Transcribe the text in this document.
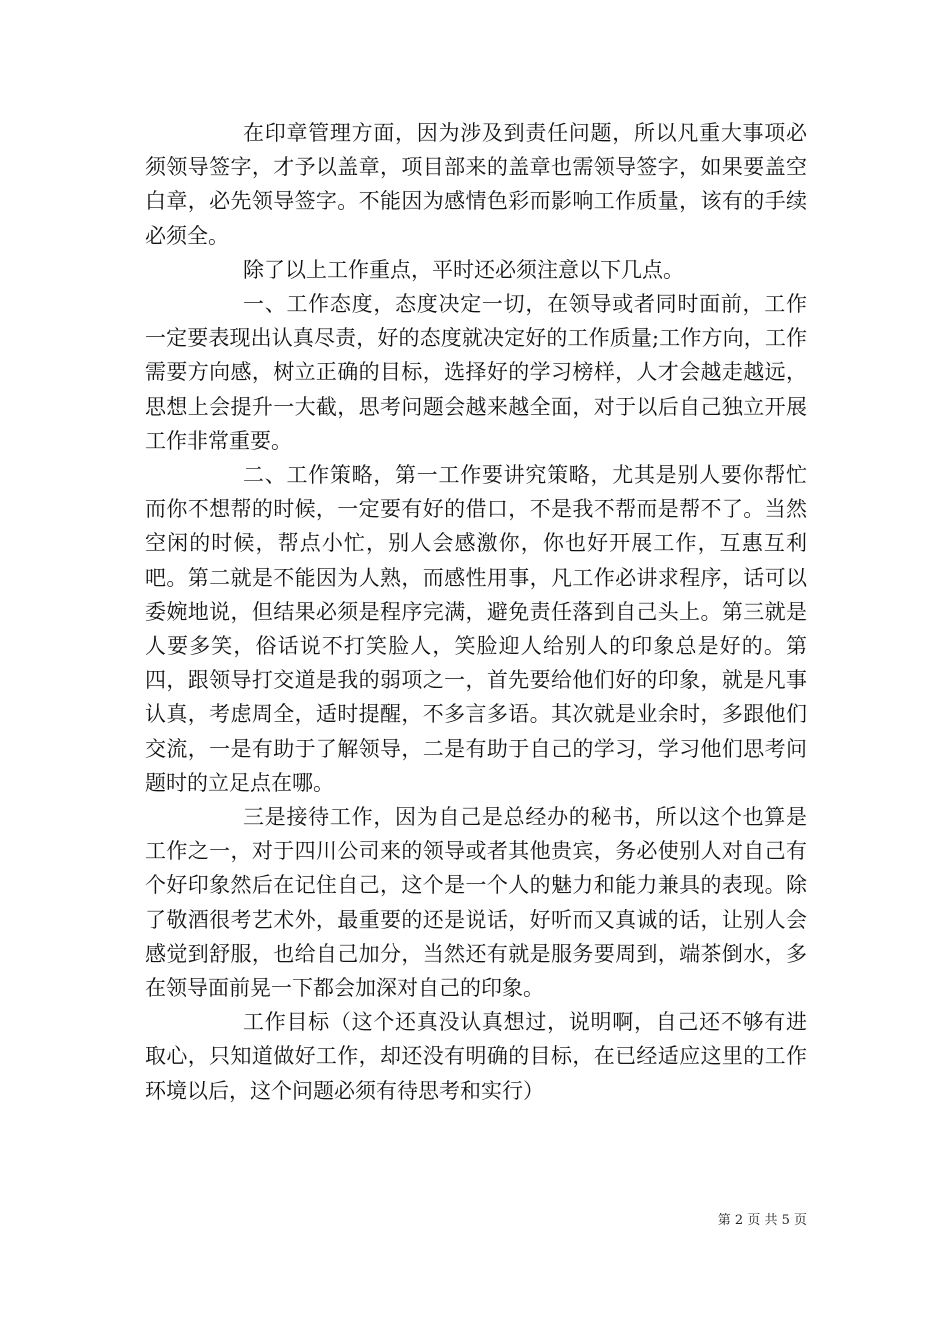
在印章管理方面，因为涉及到责任问题，所以凡重大事项必须领导签字，才予以盖章，项目部来的盖章也需领导签字，如果要盖空白章，必先领导签字。不能因为感情色彩而影响工作质量，该有的手续必须全。

除了以上工作重点，平时还必须注意以下几点。

一、工作态度，态度决定一切，在领导或者同时面前，工作一定要表现出认真尽责，好的态度就决定好的工作质量;工作方向，工作需要方向感，树立正确的目标，选择好的学习榜样，人才会越走越远，思想上会提升一大截，思考问题会越来越全面，对于以后自己独立开展工作非常重要。

二、工作策略，第一工作要讲究策略，尤其是别人要你帮忙而你不想帮的时候，一定要有好的借口，不是我不帮而是帮不了。当然空闲的时候，帮点小忙，别人会感激你，你也好开展工作，互惠互利吧。第二就是不能因为人熟，而感性用事，凡工作必讲求程序，话可以委婉地说，但结果必须是程序完满，避免责任落到自己头上。第三就是人要多笑，俗话说不打笑脸人，笑脸迎人给别人的印象总是好的。第四，跟领导打交道是我的弱项之一，首先要给他们好的印象，就是凡事认真，考虑周全，适时提醒，不多言多语。其次就是业余时，多跟他们交流，一是有助于了解领导，二是有助于自己的学习，学习他们思考问题时的立足点在哪。

三是接待工作，因为自己是总经办的秘书，所以这个也算是工作之一，对于四川公司来的领导或者其他贵宾，务必使别人对自己有个好印象然后在记住自己，这个是一个人的魅力和能力兼具的表现。除了敬酒很考艺术外，最重要的还是说话，好听而又真诚的话，让别人会感觉到舒服，也给自己加分，当然还有就是服务要周到，端茶倒水，多在领导面前晃一下都会加深对自己的印象。

工作目标（这个还真没认真想过，说明啊，自己还不够有进取心，只知道做好工作，却还没有明确的目标，在已经适应这里的工作环境以后，这个问题必须有待思考和实行）

第 2 页 共 5 页
